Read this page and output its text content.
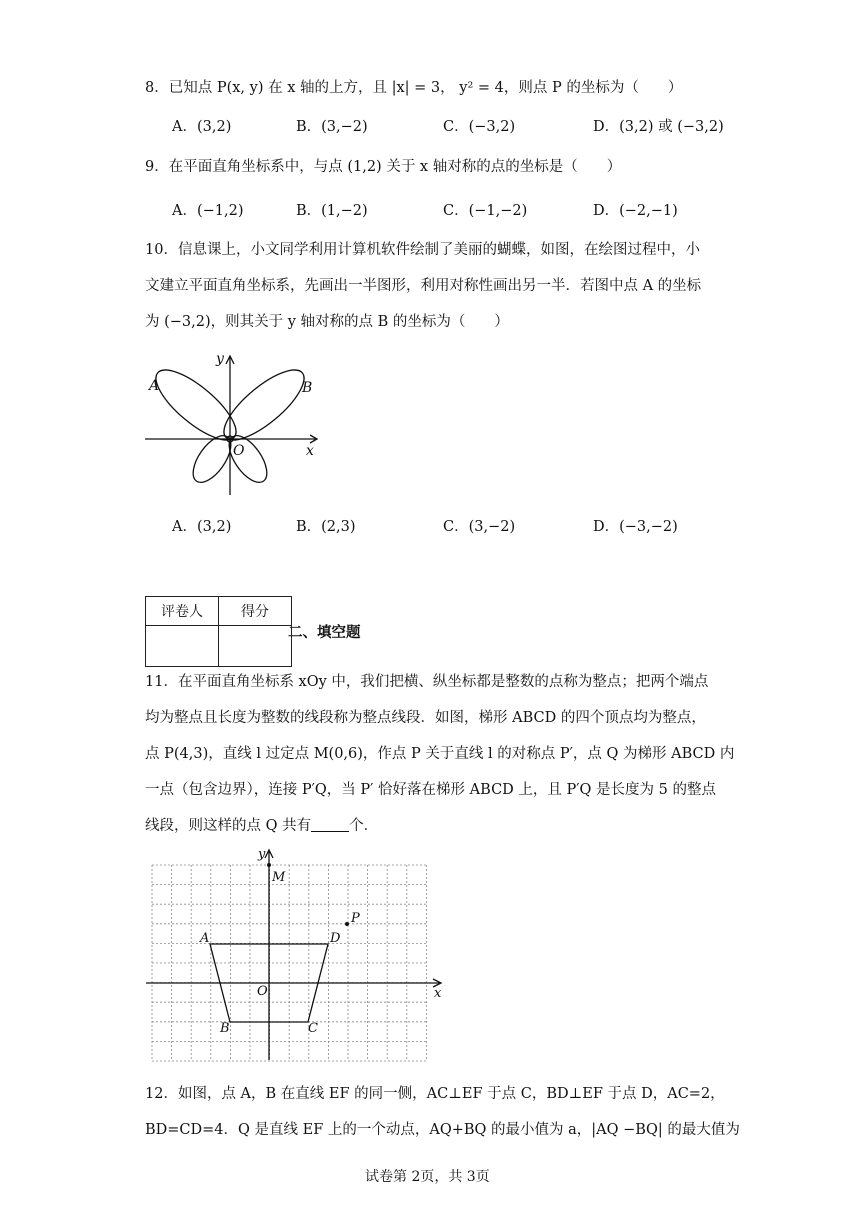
8．已知点 P(x, y) 在 x 轴的上方，且 |x| = 3， y² = 4，则点 P 的坐标为（　　）
A．(3,2)	B．(3,−2)	C．(−3,2)	D．(3,2) 或 (−3,2)
9．在平面直角坐标系中，与点 (1,2) 关于 x 轴对称的点的坐标是（　　）
A．(−1,2)	B．(1,−2)	C．(−1,−2)	D．(−2,−1)
10．信息课上，小文同学利用计算机软件绘制了美丽的蝴蝶，如图，在绘图过程中，小
文建立平面直角坐标系，先画出一半图形，利用对称性画出另一半．若图中点 A 的坐标
为 (−3,2)，则其关于 y 轴对称的点 B 的坐标为（　　）
y
x
O
A	B
A．(3,2)	B．(2,3)	C．(3,−2)	D．(−3,−2)
评卷人	得分

二、填空题
11．在平面直角坐标系 xOy 中，我们把横、纵坐标都是整数的点称为整点；把两个端点
均为整点且长度为整数的线段称为整点线段．如图，梯形 ABCD 的四个顶点均为整点，
点 P(4,3)，直线 l 过定点 M(0,6)，作点 P 关于直线 l 的对称点 P′，点 Q 为梯形 ABCD 内
一点（包含边界），连接 P′Q，当 P′ 恰好落在梯形 ABCD 上，且 P′Q 是长度为 5 的整点
线段，则这样的点 Q 共有	个．
y
x
O
M
P
A
B	C
D
12．如图，点 A，B 在直线 EF 的同一侧，AC⊥EF 于点 C，BD⊥EF 于点 D，AC=2，
BD=CD=4．Q 是直线 EF 上的一个动点，AQ+BQ 的最小值为 a，|AQ −BQ| 的最大值为
试卷第 2页，共 3页
